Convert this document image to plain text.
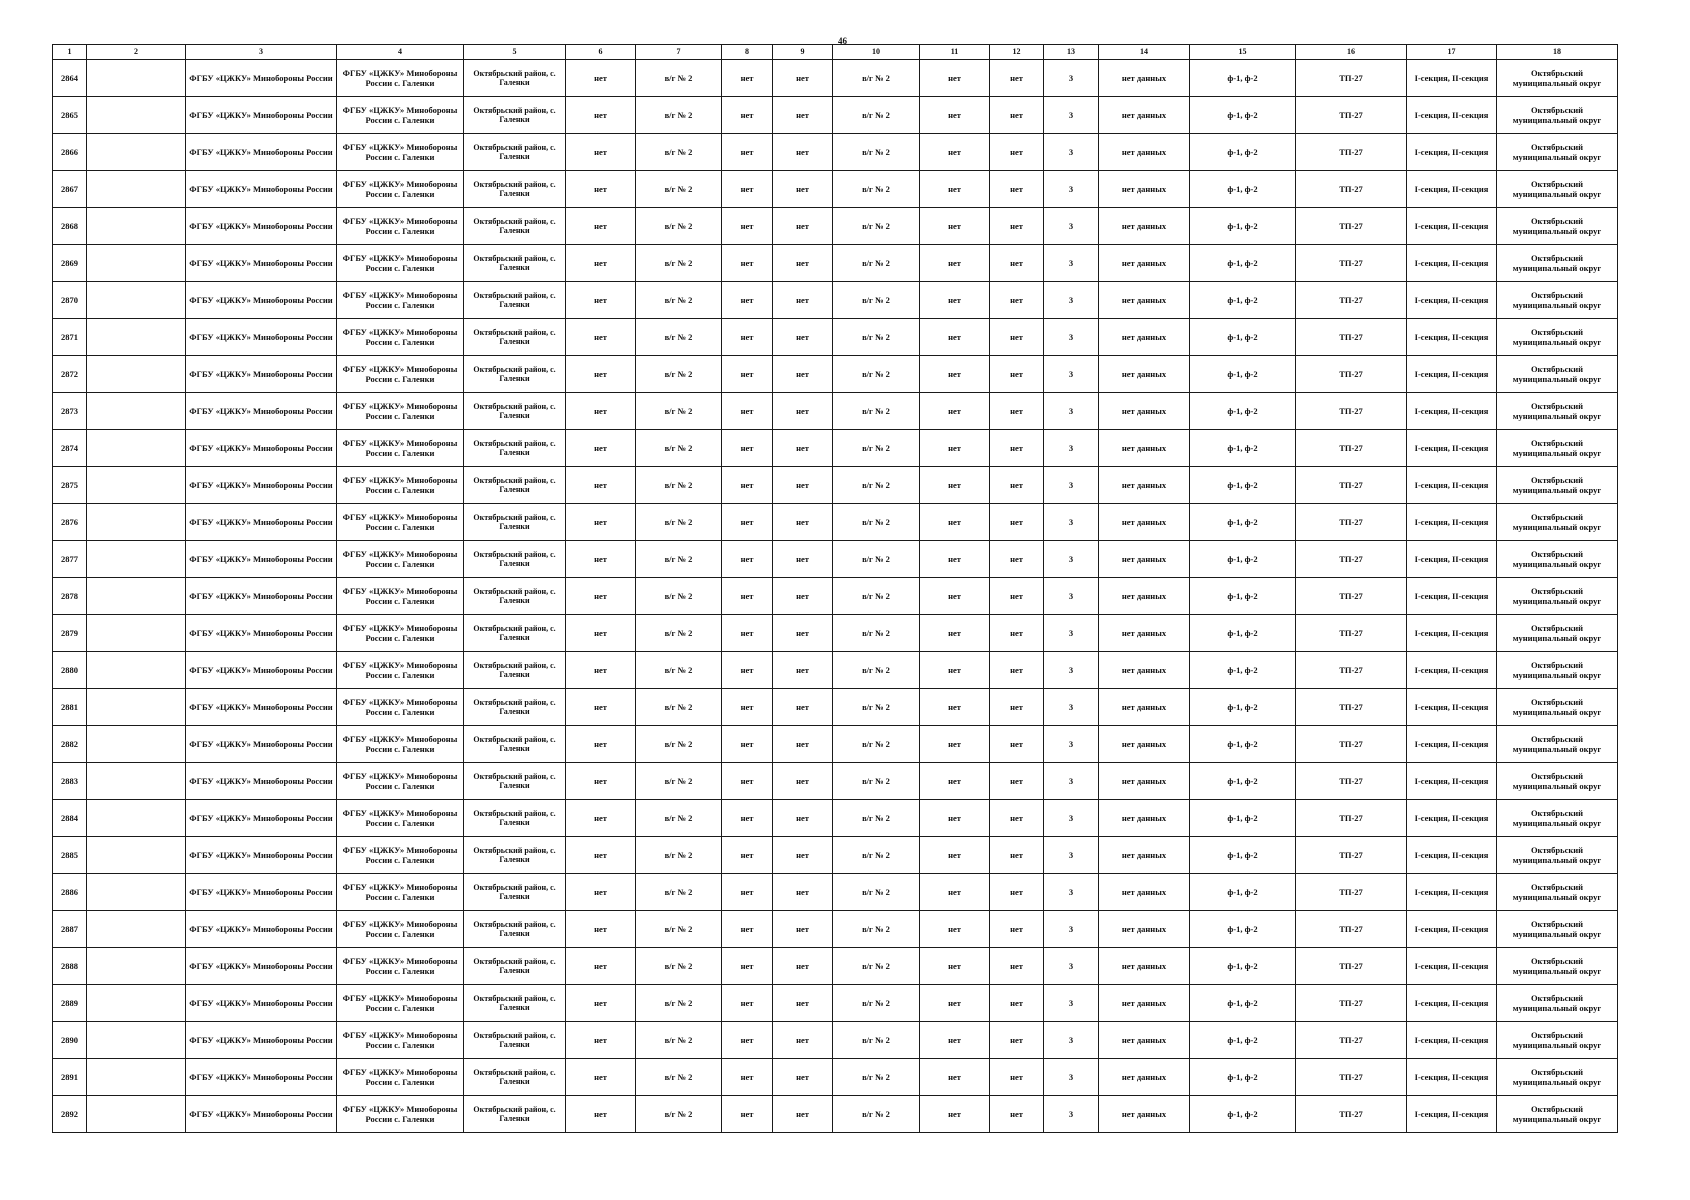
46
1	2	3	4	5	6	7	8	9	10	11	12	13	14	15	16	17	18
2864		ФГБУ «ЦЖКУ» Минобороны России	ФГБУ «ЦЖКУ» Минобороны России с. Галенки	Октябрьский район, с. Галенки	нет	в/г № 2	нет	нет	в/г № 2	нет	нет	3	нет данных	ф-1, ф-2	ТП-27	I-секция, II-секция	Октябрьский муниципальный округ
2865		ФГБУ «ЦЖКУ» Минобороны России	ФГБУ «ЦЖКУ» Минобороны России с. Галенки	Октябрьский район, с. Галенки	нет	в/г № 2	нет	нет	в/г № 2	нет	нет	3	нет данных	ф-1, ф-2	ТП-27	I-секция, II-секция	Октябрьский муниципальный округ
2866		ФГБУ «ЦЖКУ» Минобороны России	ФГБУ «ЦЖКУ» Минобороны России с. Галенки	Октябрьский район, с. Галенки	нет	в/г № 2	нет	нет	в/г № 2	нет	нет	3	нет данных	ф-1, ф-2	ТП-27	I-секция, II-секция	Октябрьский муниципальный округ
2867		ФГБУ «ЦЖКУ» Минобороны России	ФГБУ «ЦЖКУ» Минобороны России с. Галенки	Октябрьский район, с. Галенки	нет	в/г № 2	нет	нет	в/г № 2	нет	нет	3	нет данных	ф-1, ф-2	ТП-27	I-секция, II-секция	Октябрьский муниципальный округ
2868		ФГБУ «ЦЖКУ» Минобороны России	ФГБУ «ЦЖКУ» Минобороны России с. Галенки	Октябрьский район, с. Галенки	нет	в/г № 2	нет	нет	в/г № 2	нет	нет	3	нет данных	ф-1, ф-2	ТП-27	I-секция, II-секция	Октябрьский муниципальный округ
2869		ФГБУ «ЦЖКУ» Минобороны России	ФГБУ «ЦЖКУ» Минобороны России с. Галенки	Октябрьский район, с. Галенки	нет	в/г № 2	нет	нет	в/г № 2	нет	нет	3	нет данных	ф-1, ф-2	ТП-27	I-секция, II-секция	Октябрьский муниципальный округ
2870		ФГБУ «ЦЖКУ» Минобороны России	ФГБУ «ЦЖКУ» Минобороны России с. Галенки	Октябрьский район, с. Галенки	нет	в/г № 2	нет	нет	в/г № 2	нет	нет	3	нет данных	ф-1, ф-2	ТП-27	I-секция, II-секция	Октябрьский муниципальный округ
2871		ФГБУ «ЦЖКУ» Минобороны России	ФГБУ «ЦЖКУ» Минобороны России с. Галенки	Октябрьский район, с. Галенки	нет	в/г № 2	нет	нет	в/г № 2	нет	нет	3	нет данных	ф-1, ф-2	ТП-27	I-секция, II-секция	Октябрьский муниципальный округ
2872		ФГБУ «ЦЖКУ» Минобороны России	ФГБУ «ЦЖКУ» Минобороны России с. Галенки	Октябрьский район, с. Галенки	нет	в/г № 2	нет	нет	в/г № 2	нет	нет	3	нет данных	ф-1, ф-2	ТП-27	I-секция, II-секция	Октябрьский муниципальный округ
2873		ФГБУ «ЦЖКУ» Минобороны России	ФГБУ «ЦЖКУ» Минобороны России с. Галенки	Октябрьский район, с. Галенки	нет	в/г № 2	нет	нет	в/г № 2	нет	нет	3	нет данных	ф-1, ф-2	ТП-27	I-секция, II-секция	Октябрьский муниципальный округ
2874		ФГБУ «ЦЖКУ» Минобороны России	ФГБУ «ЦЖКУ» Минобороны России с. Галенки	Октябрьский район, с. Галенки	нет	в/г № 2	нет	нет	в/г № 2	нет	нет	3	нет данных	ф-1, ф-2	ТП-27	I-секция, II-секция	Октябрьский муниципальный округ
2875		ФГБУ «ЦЖКУ» Минобороны России	ФГБУ «ЦЖКУ» Минобороны России с. Галенки	Октябрьский район, с. Галенки	нет	в/г № 2	нет	нет	в/г № 2	нет	нет	3	нет данных	ф-1, ф-2	ТП-27	I-секция, II-секция	Октябрьский муниципальный округ
2876		ФГБУ «ЦЖКУ» Минобороны России	ФГБУ «ЦЖКУ» Минобороны России с. Галенки	Октябрьский район, с. Галенки	нет	в/г № 2	нет	нет	в/г № 2	нет	нет	3	нет данных	ф-1, ф-2	ТП-27	I-секция, II-секция	Октябрьский муниципальный округ
2877		ФГБУ «ЦЖКУ» Минобороны России	ФГБУ «ЦЖКУ» Минобороны России с. Галенки	Октябрьский район, с. Галенки	нет	в/г № 2	нет	нет	в/г № 2	нет	нет	3	нет данных	ф-1, ф-2	ТП-27	I-секция, II-секция	Октябрьский муниципальный округ
2878		ФГБУ «ЦЖКУ» Минобороны России	ФГБУ «ЦЖКУ» Минобороны России с. Галенки	Октябрьский район, с. Галенки	нет	в/г № 2	нет	нет	в/г № 2	нет	нет	3	нет данных	ф-1, ф-2	ТП-27	I-секция, II-секция	Октябрьский муниципальный округ
2879		ФГБУ «ЦЖКУ» Минобороны России	ФГБУ «ЦЖКУ» Минобороны России с. Галенки	Октябрьский район, с. Галенки	нет	в/г № 2	нет	нет	в/г № 2	нет	нет	3	нет данных	ф-1, ф-2	ТП-27	I-секция, II-секция	Октябрьский муниципальный округ
2880		ФГБУ «ЦЖКУ» Минобороны России	ФГБУ «ЦЖКУ» Минобороны России с. Галенки	Октябрьский район, с. Галенки	нет	в/г № 2	нет	нет	в/г № 2	нет	нет	3	нет данных	ф-1, ф-2	ТП-27	I-секция, II-секция	Октябрьский муниципальный округ
2881		ФГБУ «ЦЖКУ» Минобороны России	ФГБУ «ЦЖКУ» Минобороны России с. Галенки	Октябрьский район, с. Галенки	нет	в/г № 2	нет	нет	в/г № 2	нет	нет	3	нет данных	ф-1, ф-2	ТП-27	I-секция, II-секция	Октябрьский муниципальный округ
2882		ФГБУ «ЦЖКУ» Минобороны России	ФГБУ «ЦЖКУ» Минобороны России с. Галенки	Октябрьский район, с. Галенки	нет	в/г № 2	нет	нет	в/г № 2	нет	нет	3	нет данных	ф-1, ф-2	ТП-27	I-секция, II-секция	Октябрьский муниципальный округ
2883		ФГБУ «ЦЖКУ» Минобороны России	ФГБУ «ЦЖКУ» Минобороны России с. Галенки	Октябрьский район, с. Галенки	нет	в/г № 2	нет	нет	в/г № 2	нет	нет	3	нет данных	ф-1, ф-2	ТП-27	I-секция, II-секция	Октябрьский муниципальный округ
2884		ФГБУ «ЦЖКУ» Минобороны России	ФГБУ «ЦЖКУ» Минобороны России с. Галенки	Октябрьский район, с. Галенки	нет	в/г № 2	нет	нет	в/г № 2	нет	нет	3	нет данных	ф-1, ф-2	ТП-27	I-секция, II-секция	Октябрьский муниципальный округ
2885		ФГБУ «ЦЖКУ» Минобороны России	ФГБУ «ЦЖКУ» Минобороны России с. Галенки	Октябрьский район, с. Галенки	нет	в/г № 2	нет	нет	в/г № 2	нет	нет	3	нет данных	ф-1, ф-2	ТП-27	I-секция, II-секция	Октябрьский муниципальный округ
2886		ФГБУ «ЦЖКУ» Минобороны России	ФГБУ «ЦЖКУ» Минобороны России с. Галенки	Октябрьский район, с. Галенки	нет	в/г № 2	нет	нет	в/г № 2	нет	нет	3	нет данных	ф-1, ф-2	ТП-27	I-секция, II-секция	Октябрьский муниципальный округ
2887		ФГБУ «ЦЖКУ» Минобороны России	ФГБУ «ЦЖКУ» Минобороны России с. Галенки	Октябрьский район, с. Галенки	нет	в/г № 2	нет	нет	в/г № 2	нет	нет	3	нет данных	ф-1, ф-2	ТП-27	I-секция, II-секция	Октябрьский муниципальный округ
2888		ФГБУ «ЦЖКУ» Минобороны России	ФГБУ «ЦЖКУ» Минобороны России с. Галенки	Октябрьский район, с. Галенки	нет	в/г № 2	нет	нет	в/г № 2	нет	нет	3	нет данных	ф-1, ф-2	ТП-27	I-секция, II-секция	Октябрьский муниципальный округ
2889		ФГБУ «ЦЖКУ» Минобороны России	ФГБУ «ЦЖКУ» Минобороны России с. Галенки	Октябрьский район, с. Галенки	нет	в/г № 2	нет	нет	в/г № 2	нет	нет	3	нет данных	ф-1, ф-2	ТП-27	I-секция, II-секция	Октябрьский муниципальный округ
2890		ФГБУ «ЦЖКУ» Минобороны России	ФГБУ «ЦЖКУ» Минобороны России с. Галенки	Октябрьский район, с. Галенки	нет	в/г № 2	нет	нет	в/г № 2	нет	нет	3	нет данных	ф-1, ф-2	ТП-27	I-секция, II-секция	Октябрьский муниципальный округ
2891		ФГБУ «ЦЖКУ» Минобороны России	ФГБУ «ЦЖКУ» Минобороны России с. Галенки	Октябрьский район, с. Галенки	нет	в/г № 2	нет	нет	в/г № 2	нет	нет	3	нет данных	ф-1, ф-2	ТП-27	I-секция, II-секция	Октябрьский муниципальный округ
2892		ФГБУ «ЦЖКУ» Минобороны России	ФГБУ «ЦЖКУ» Минобороны России с. Галенки	Октябрьский район, с. Галенки	нет	в/г № 2	нет	нет	в/г № 2	нет	нет	3	нет данных	ф-1, ф-2	ТП-27	I-секция, II-секция	Октябрьский муниципальный округ
